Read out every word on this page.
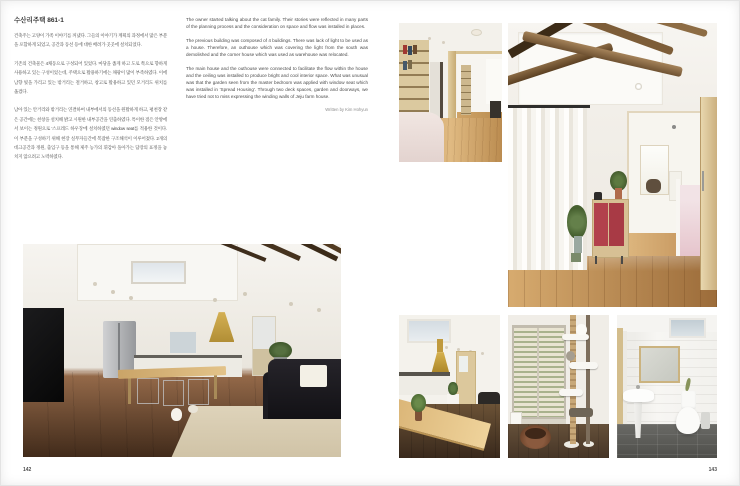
수산리주택 861-1

건축주는 고양이 가족 이야기를 꺼냈다. 그들의 이야기가 계획의 과정에서 많은 부분을 포함하게 되었고, 공간과 동선 등에 대한 배려가 곳곳에 설치되었다.

기존의 건축물은 4채동으로 구성되어 있었다. 마당을 좁게 하고 도로 쪽으로 향하게 사용하고 있는 구성이었는데, 주택으로 활용하기에는 채광이 많이 부족하였다. 이에 남향 빛을 가리고 있는 밖거리는 철거하고, 창고로 활용하고 있던 모거리도 위치를 옮겼다.

남아 있는 안거리와 밖거리는 연결하여 내부에서의 동선을 원활하게 하고, 평천장 같은 공간에는 천창을 설치해 밝고 시원한 내부공간을 연출하였다. 특이한 점은 안방에서 보이는 정원으로 '스프레드 하우징'에 설치하였던 window seat를 적용한 것이다. 이 부분을 구성하기 위해 현장 실무자들간에 복잡한 구조해석이 이루어졌다. 2개의 데크공간과 정원, 출입구 등을 통해 제주 농가의 휘감아 돌아가는 담장의 표정을 놓치지 않으려고 노력하였다.

The owner started talking about the cat family. Their stories were reflected in many parts of the planning process and the consideration on space and flow was installed in places.

The previous building was composed of 4 buildings. There was lack of light to be used as a house. Therefore, an outhouse which was covering the light from the south was demolished and the corner house which was used as warehouse was relocated.

The main house and the outhouse were connected to facilitate the flow within the house and the ceiling was installed to produce bright and cool interior space. What was unusual was that the garden seen from the master bedroom was applied with window seat which was installed in 'Spread Housing'. Through two deck spaces, garden and doorways, we have tried not to miss expressing the winding walls of Jeju farm house.

Written by Kim Hohyun
142	143
